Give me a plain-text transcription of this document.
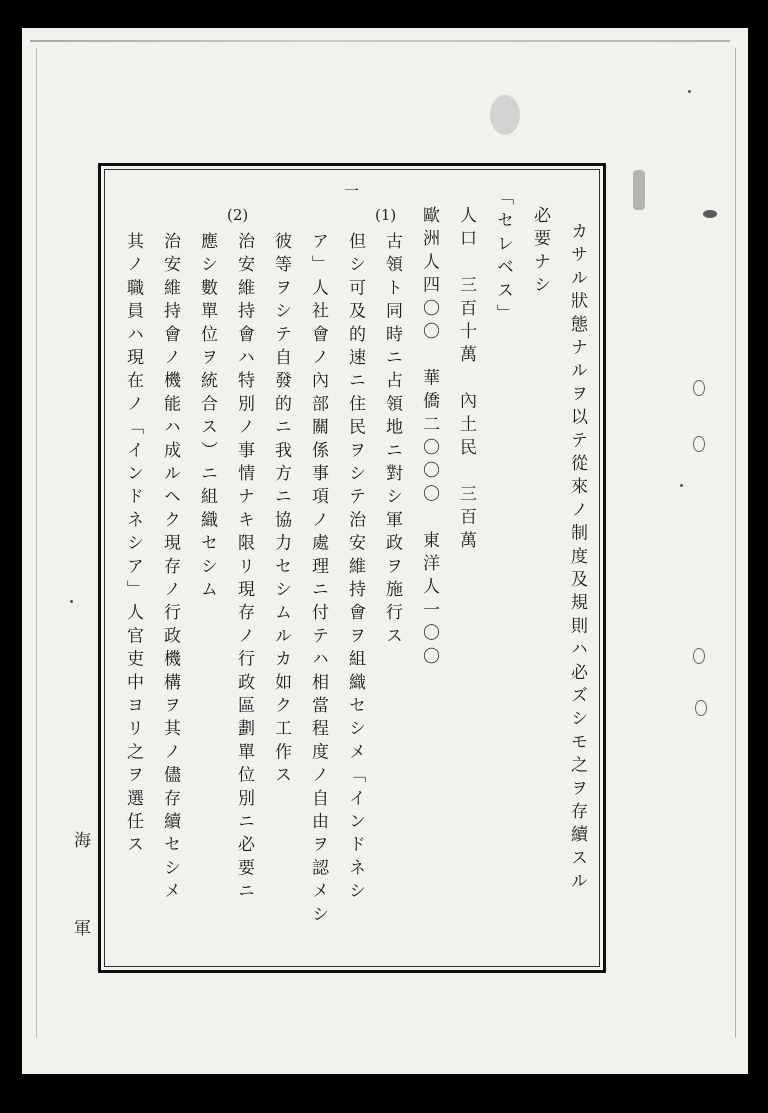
カサル狀態ナルヲ以テ從來ノ制度及規則ハ必ズシモ之ヲ存續スル
必要ナシ
「セレベス」
人口　三百十萬　內土民　三百萬
歐洲人四〇〇　華僑二〇〇〇　東洋人一〇〇
古領ト同時ニ占領地ニ對シ軍政ヲ施行ス
但シ可及的速ニ住民ヲシテ治安維持會ヲ組織セシメ「インドネシ
ア」人社會ノ內部關係事項ノ處理ニ付テハ相當程度ノ自由ヲ認メシ
彼等ヲシテ自發的ニ我方ニ協力セシムルカ如ク工作ス
治安維持會ハ特別ノ事情ナキ限リ現存ノ行政區劃單位別ニ必要ニ
應シ數單位ヲ統合ス）ニ組織セシム
治安維持會ノ機能ハ成ルヘク現存ノ行政機構ヲ其ノ儘存續セシメ
其ノ職員ハ現在ノ「インドネシア」人官吏中ヨリ之ヲ選任ス
一
(1)
(2)
海
軍
